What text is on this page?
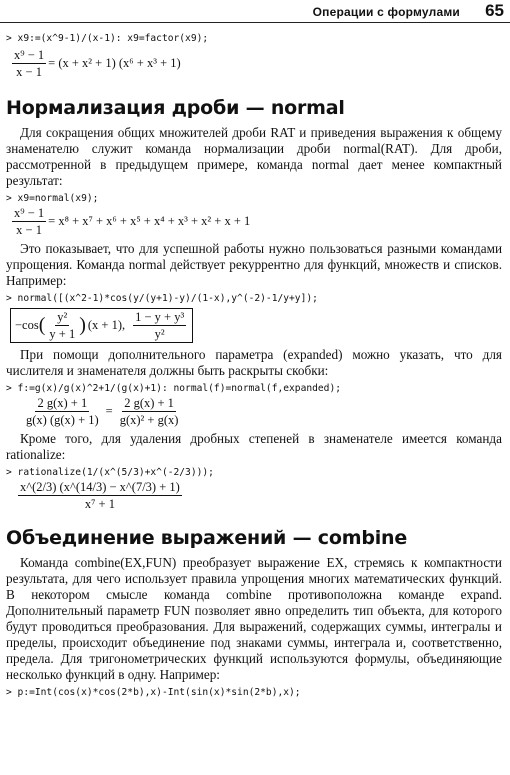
Операции с формулами 65
> x9:=(x^9-1)/(x-1): x9=factor(x9);
$\frac{\text{x⁹ − 1}}{x - 1} = (x + x^2 + 1) (x^6 + x^3 + 1)$
Нормализация дроби — normal

Для сокращения общих множителей дроби RAT и приведения выражения к общему знаменателю служит команда нормализации дроби normal(RAT). Для дроби, рассмотренной в предыдущем примере, команда normal дает менее компактный результат:

> x9=normal(x9);
$\frac{\text{x⁹ − 1}}{x - 1} = x^8 + x^7 + x^6 + x^5 + x^4 + x^3 + x^2 + x + 1$

Это показывает, что для успешной работы нужно пользоваться разными командами упрощения. Команда normal действует рекуррентно для функций, множеств и списков. Например:

> normal([(x^2-1)*cos(y/(y+1)-y)/(1-x),y^(-2)-1/y+y]);
−cos ( $\frac{\text{y²}}{y + 1}$ ) (x + 1), $\frac{\text{1 − y + y³}}{\text{y²}}$

При помощи дополнительного параметра (expanded) можно указать, что для числителя и знаменателя должны быть раскрыты скобки:

> f:=g(x)/g(x)^2+1/(g(x)+1): normal(f)=normal(f,expanded);
$\frac{2 g(x) + 1}{g(x) (g(x) + 1)} = \frac{2 g(x) + 1}{\text{g(x)² + g(x)}}$

Кроме того, для удаления дробных степеней в знаменателе имеется команда rationalize:

> rationalize(1/(x^(5/3)+x^(-2/3)));
$\frac{x\^{}(2/3) (x\^{}(14/3) - x\^{}(7/3) + 1)}{\text{x⁷ + 1}}$
Объединение выражений — combine

Команда combine(EX,FUN) преобразует выражение EX, стремясь к компактности результата, для чего использует правила упрощения многих математических функций. В некотором смысле команда combine противоположна команде expand. Дополнительный параметр FUN позволяет явно определить тип объекта, для которого будут проводиться преобразования. Для выражений, содержащих суммы, интегралы и пределы, происходит объединение под знаками суммы, интеграла и, соответственно, предела. Для тригонометрических функций используются формулы, объединяющие несколько функций в одну. Например:

> p:=Int(cos(x)*cos(2*b),x)-Int(sin(x)*sin(2*b),x);
